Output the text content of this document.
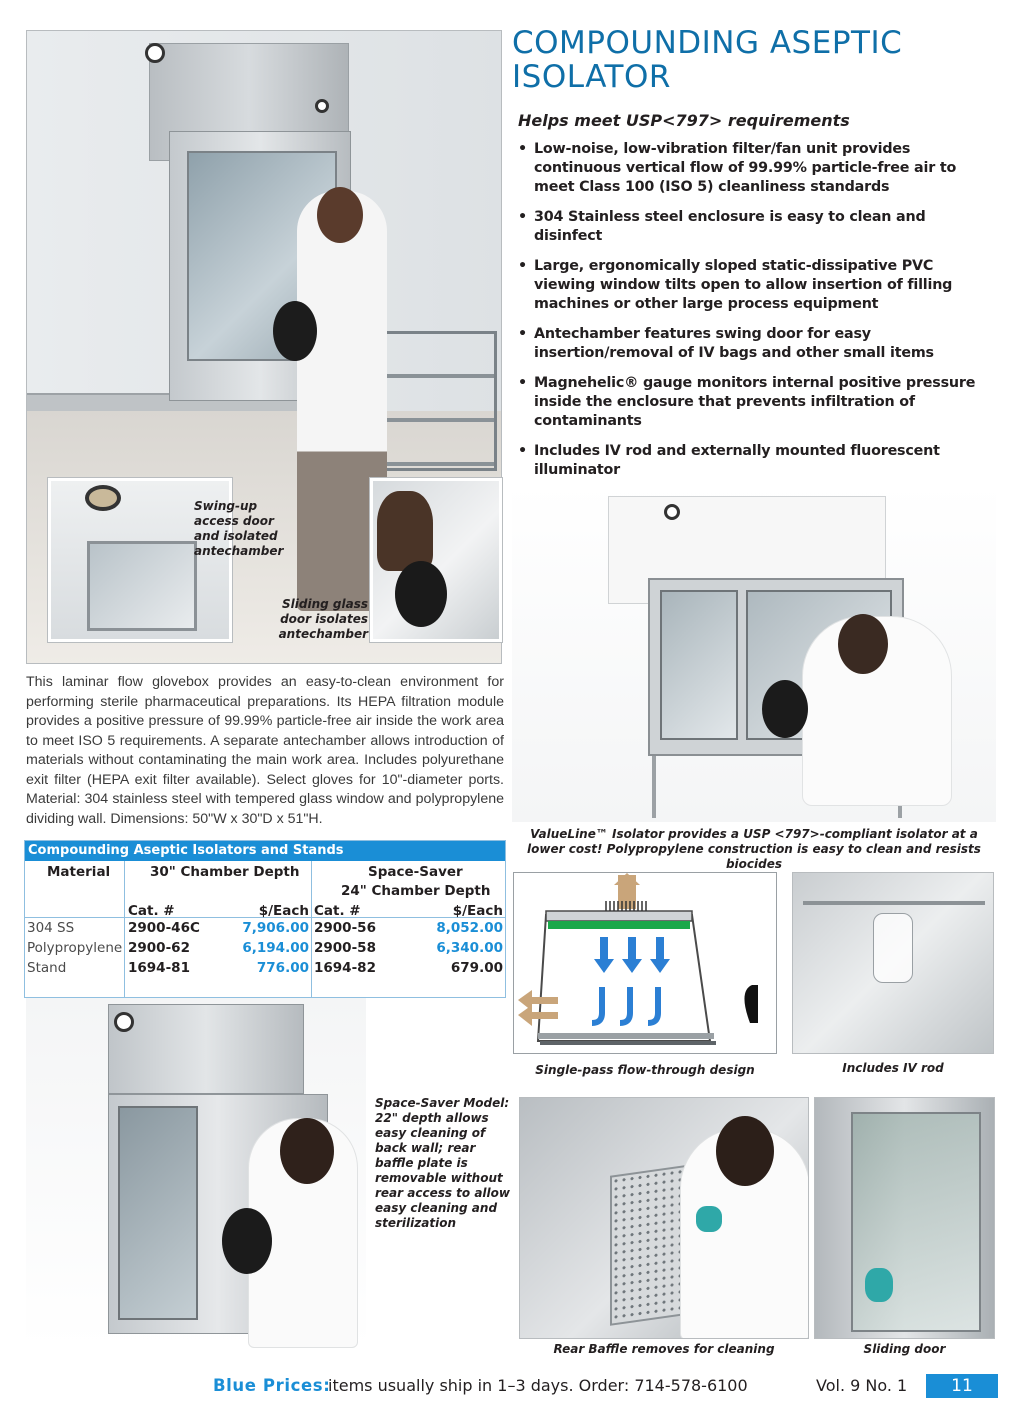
Swing-up access door and isolated antechamber
Sliding glass door isolates antechamber
COMPOUNDING ASEPTIC
ISOLATOR
Helps meet USP<797> requirements
• Low-noise, low-vibration filter/fan unit provides continuous vertical flow of 99.99% particle-free air to meet Class 100 (ISO 5) cleanliness standards
• 304 Stainless steel enclosure is easy to clean and disinfect
• Large, ergonomically sloped static-dissipative PVC viewing window tilts open to allow insertion of filling machines or other large process equipment
• Antechamber features swing door for easy insertion/removal of IV bags and other small items
• Magnehelic® gauge monitors internal positive pressure inside the enclosure that prevents infiltration of contaminants
• Includes IV rod and externally mounted fluorescent illuminator
•
ValueLine™ Isolator provides a USP <797>-compliant isolator at a lower cost! Polypropylene construction is easy to clean and resists biocides

This laminar flow glovebox provides an easy-to-clean environment for performing sterile pharmaceutical preparations. Its HEPA filtration module provides a positive pressure of 99.99% particle-free air inside the work area to meet ISO 5 requirements. A separate antechamber allows introduction of materials without contaminating the main work area. Includes polyurethane exit filter (HEPA exit filter available). Select gloves for 10"-diameter ports. Material: 304 stainless steel with tempered glass window and polypropylene dividing wall. Dimensions: 50"W x 30"D x 51"H.

Compounding Aseptic Isolators and Stands
Material	30" Chamber Depth	Space-Saver
24" Chamber Depth
Cat. #	$/Each Cat. #	$/Each
304 SS	2900-46C	7,906.00 2900-56	8,052.00
Polypropylene 2900-62	6,194.00 2900-58	6,340.00
Stand	1694-81	776.00 1694-82	679.00
Single-pass flow-through design	Includes IV rod
Space-Saver Model: 22" depth allows easy cleaning of back wall; rear baffle plate is removable without rear access to allow easy cleaning and sterilization
Rear Baffle removes for cleaning	Sliding door
Blue Prices:
items usually ship in 1–3 days. Order: 714-578-6100	Vol. 9 No. 1	11
